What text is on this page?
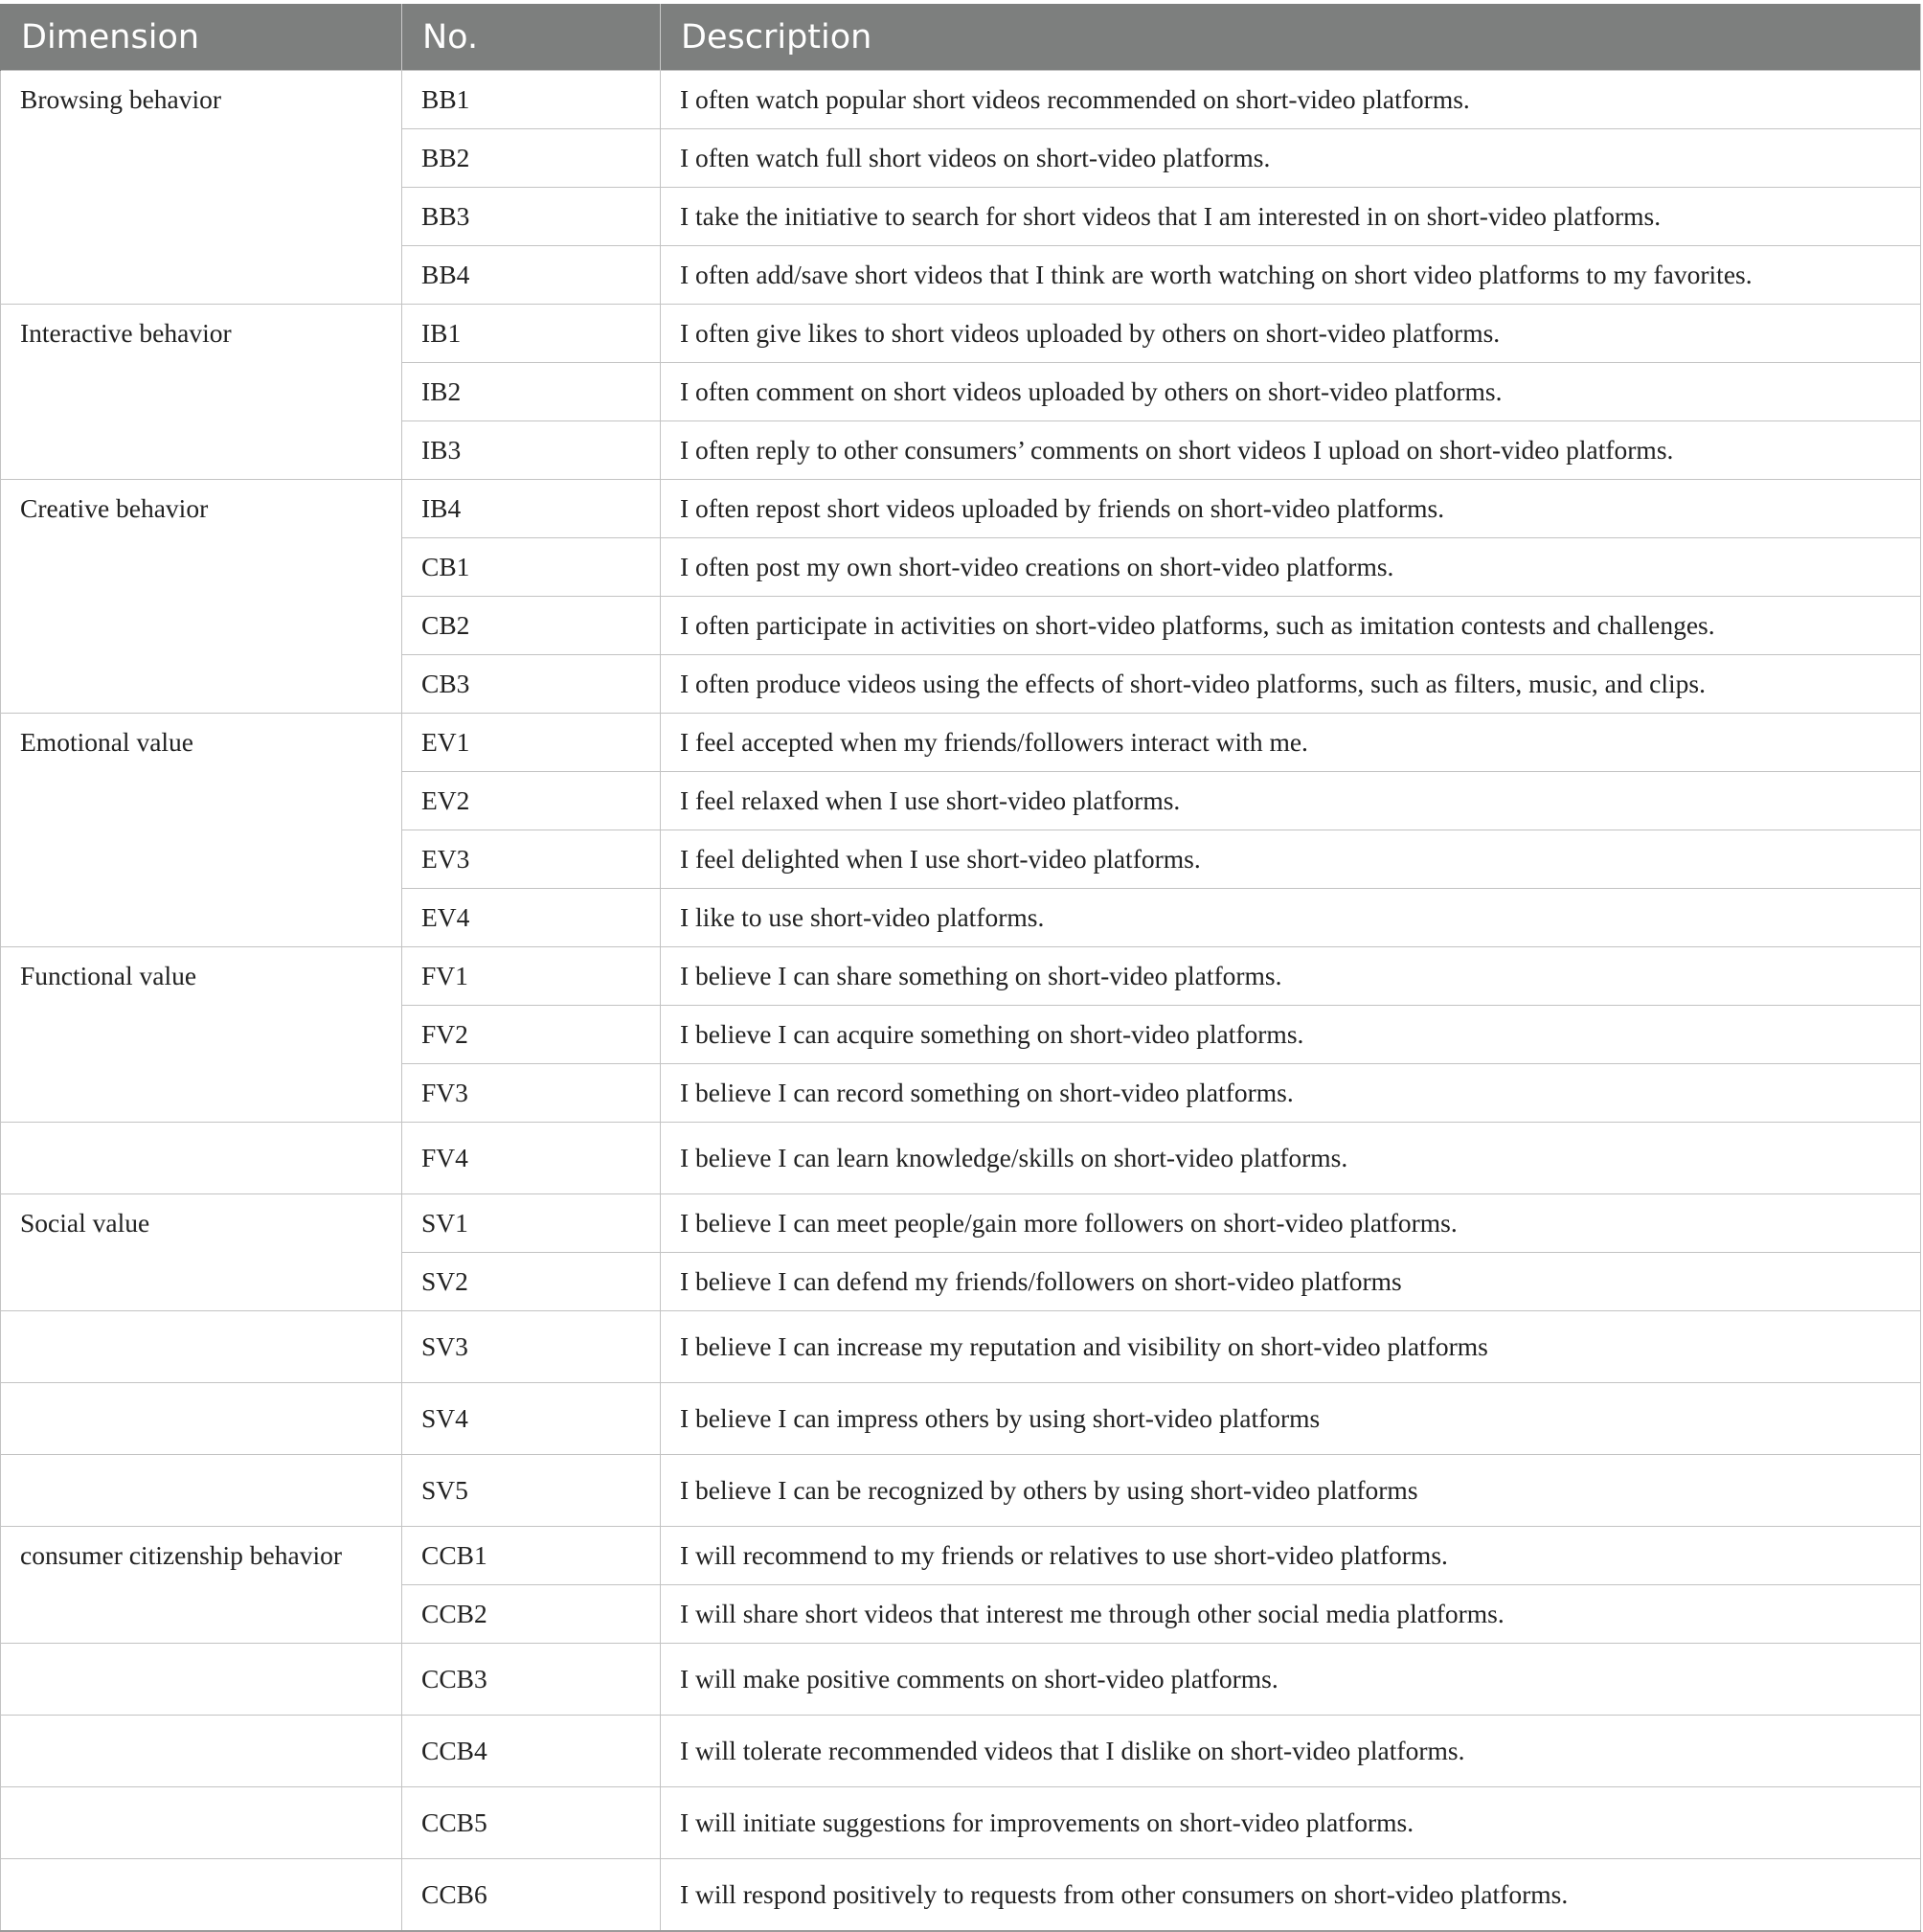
Dimension	No.	Description
Browsing behavior	BB1	I often watch popular short videos recommended on short-video platforms.
	BB2	I often watch full short videos on short-video platforms.
	BB3	I take the initiative to search for short videos that I am interested in on short-video platforms.
	BB4	I often add/save short videos that I think are worth watching on short video platforms to my favorites.
Interactive behavior	IB1	I often give likes to short videos uploaded by others on short-video platforms.
	IB2	I often comment on short videos uploaded by others on short-video platforms.
	IB3	I often reply to other consumers’ comments on short videos I upload on short-video platforms.
Creative behavior	IB4	I often repost short videos uploaded by friends on short-video platforms.
	CB1	I often post my own short-video creations on short-video platforms.
	CB2	I often participate in activities on short-video platforms, such as imitation contests and challenges.
	CB3	I often produce videos using the effects of short-video platforms, such as filters, music, and clips.
Emotional value	EV1	I feel accepted when my friends/followers interact with me.
	EV2	I feel relaxed when I use short-video platforms.
	EV3	I feel delighted when I use short-video platforms.
	EV4	I like to use short-video platforms.
Functional value	FV1	I believe I can share something on short-video platforms.
	FV2	I believe I can acquire something on short-video platforms.
	FV3	I believe I can record something on short-video platforms.
	FV4	I believe I can learn knowledge/skills on short-video platforms.
Social value	SV1	I believe I can meet people/gain more followers on short-video platforms.
	SV2	I believe I can defend my friends/followers on short-video platforms
	SV3	I believe I can increase my reputation and visibility on short-video platforms
	SV4	I believe I can impress others by using short-video platforms
	SV5	I believe I can be recognized by others by using short-video platforms
consumer citizenship behavior	CCB1	I will recommend to my friends or relatives to use short-video platforms.
	CCB2	I will share short videos that interest me through other social media platforms.
	CCB3	I will make positive comments on short-video platforms.
	CCB4	I will tolerate recommended videos that I dislike on short-video platforms.
	CCB5	I will initiate suggestions for improvements on short-video platforms.
	CCB6	I will respond positively to requests from other consumers on short-video platforms.
